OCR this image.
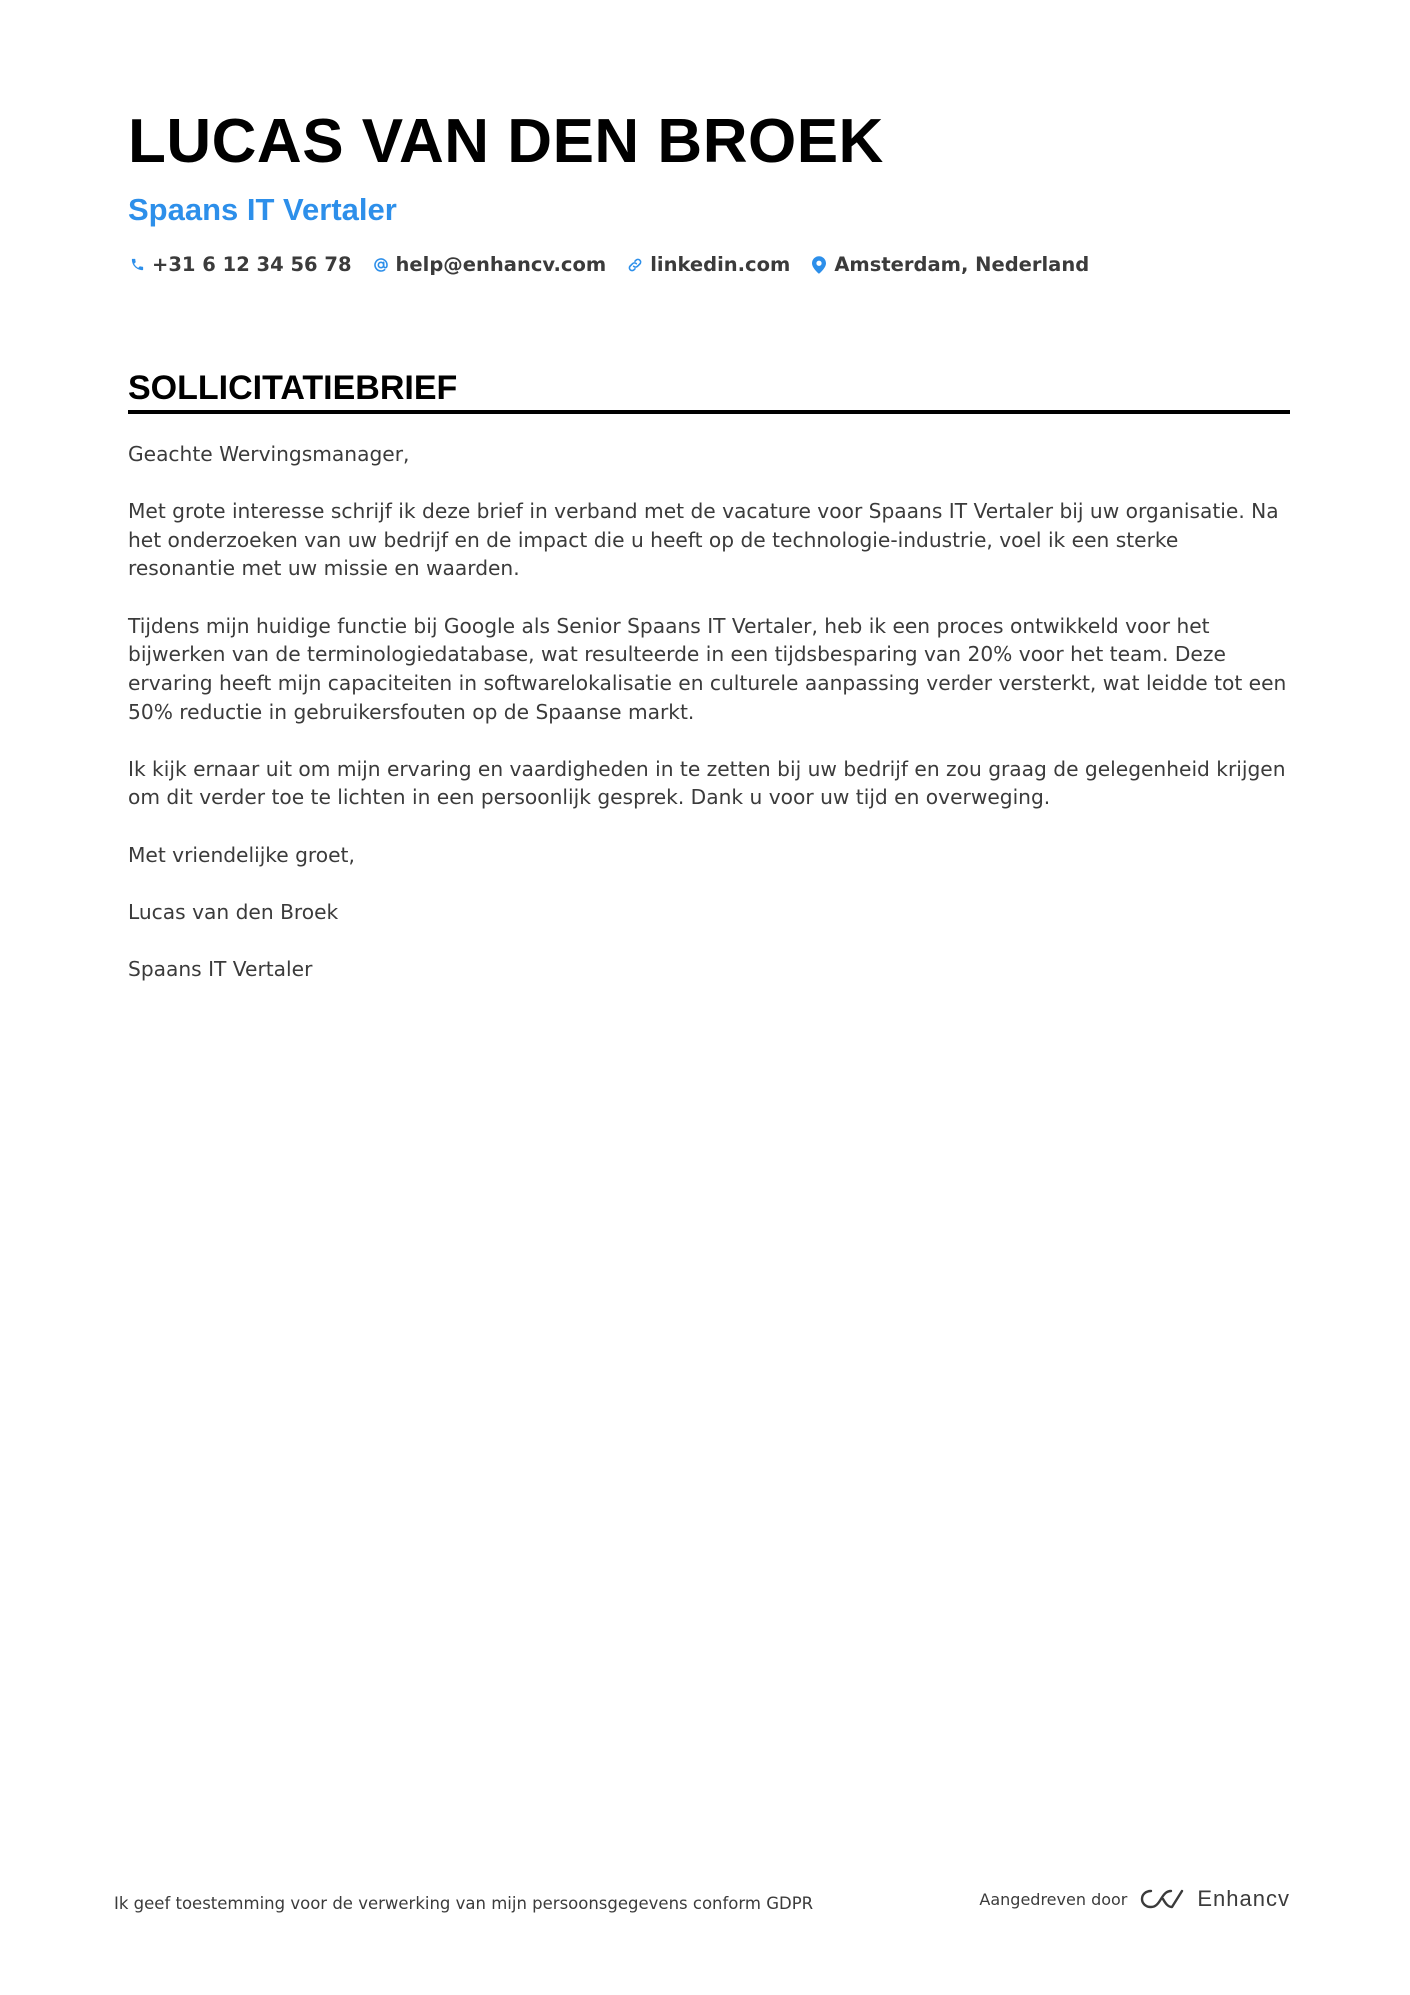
LUCAS VAN DEN BROEK
Spaans IT Vertaler
+31 6 12 34 56 78 help@enhancv.com linkedin.com Amsterdam, Nederland
SOLLICITATIEBRIEF

Geachte Wervingsmanager,

Met grote interesse schrijf ik deze brief in verband met de vacature voor Spaans IT Vertaler bij uw organisatie. Na het onderzoeken van uw bedrijf en de impact die u heeft op de technologie-industrie, voel ik een sterke resonantie met uw missie en waarden.

Tijdens mijn huidige functie bij Google als Senior Spaans IT Vertaler, heb ik een proces ontwikkeld voor het bijwerken van de terminologiedatabase, wat resulteerde in een tijdsbesparing van 20% voor het team. Deze ervaring heeft mijn capaciteiten in softwarelokalisatie en culturele aanpassing verder versterkt, wat leidde tot een 50% reductie in gebruikersfouten op de Spaanse markt.

Ik kijk ernaar uit om mijn ervaring en vaardigheden in te zetten bij uw bedrijf en zou graag de gelegenheid krijgen om dit verder toe te lichten in een persoonlijk gesprek. Dank u voor uw tijd en overweging.

Met vriendelijke groet,

Lucas van den Broek

Spaans IT Vertaler

Ik geef toestemming voor de verwerking van mijn persoonsgegevens conform GDPR	Aangedreven door	Enhancv
